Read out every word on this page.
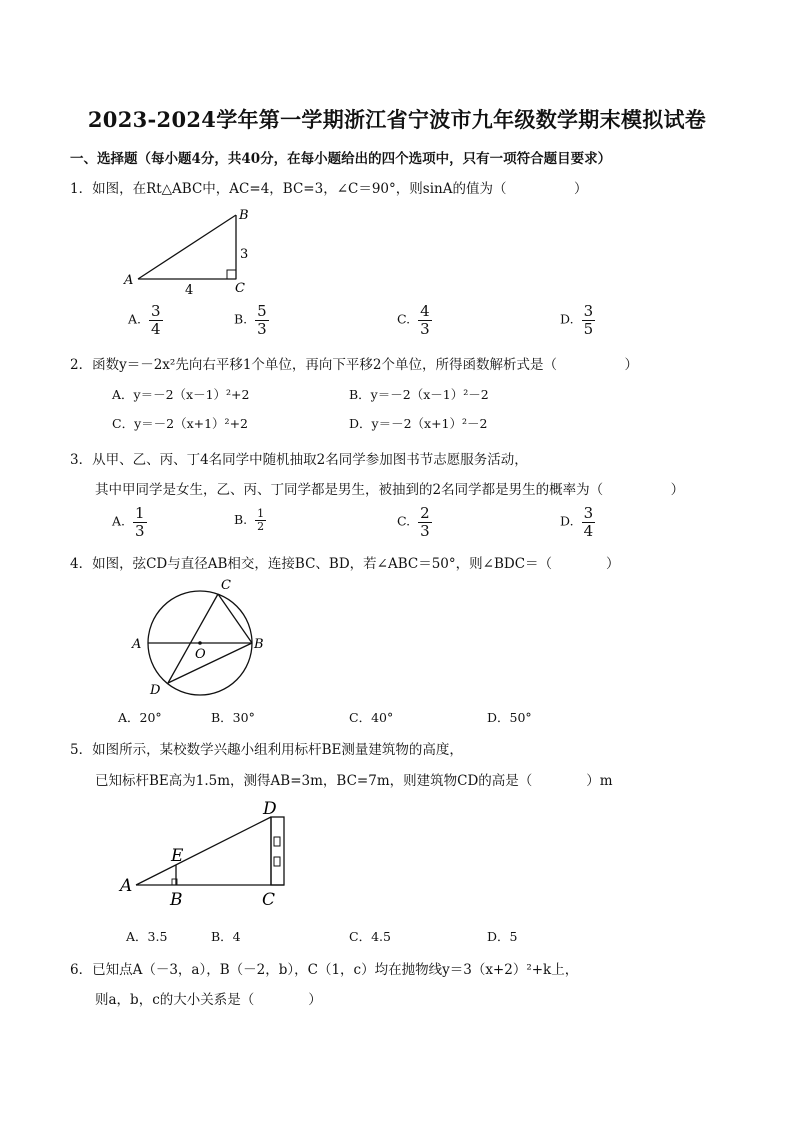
2023-2024学年第一学期浙江省宁波市九年级数学期末模拟试卷
一、选择题（每小题4分，共40分，在每小题给出的四个选项中，只有一项符合题目要求）
1．如图，在Rt△ABC中，AC=4，BC=3，∠C＝90°，则sinA的值为（　　　　　）
A
B
C
4
3
A. $\frac{3}{4}$	B. $\frac{5}{3}$	C. $\frac{4}{3}$	D. $\frac{3}{5}$
2．函数y＝－2x²先向右平移1个单位，再向下平移2个单位，所得函数解析式是（　　　　　）
A．y＝－2（x－1）²+2	B．y＝－2（x－1）²－2
C．y＝－2（x+1）²+2	D．y＝－2（x+1）²－2
3．从甲、乙、丙、丁4名同学中随机抽取2名同学参加图书节志愿服务活动，
其中甲同学是女生，乙、丙、丁同学都是男生，被抽到的2名同学都是男生的概率为（　　　　　）
A. $\frac{1}{3}$	B. $\frac{1}{2}$	C. $\frac{2}{3}$	D. $\frac{3}{4}$
4．如图，弦CD与直径AB相交，连接BC、BD，若∠ABC＝50°，则∠BDC＝（　　　　）
A	B
C
D
O
A．20°	B．30°	C．40°	D．50°
5．如图所示，某校数学兴趣小组利用标杆BE测量建筑物的高度，
已知标杆BE高为1.5m，测得AB=3m，BC=7m，则建筑物CD的高是（　　　　）m
A
B	C
D
E
A．3.5	B．4	C．4.5	D．5
6．已知点A（－3，a），B（－2，b），C（1，c）均在抛物线y＝3（x+2）²+k上，
则a，b，c的大小关系是（　　　　）
